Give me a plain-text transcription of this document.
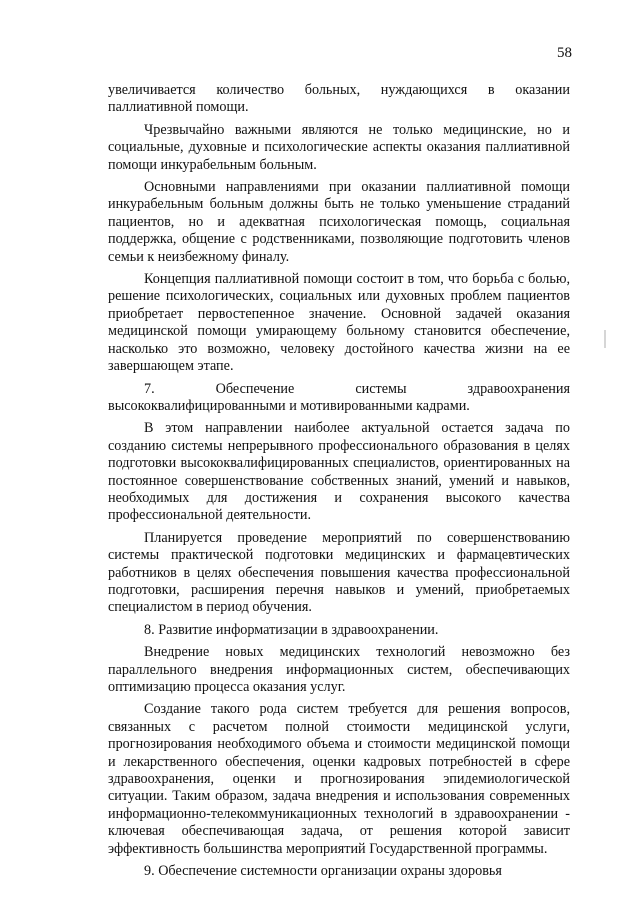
58

увеличивается количество больных, нуждающихся в оказании паллиативной помощи.

Чрезвычайно важными являются не только медицинские, но и социальные, духовные и психологические аспекты оказания паллиативной помощи инкурабельным больным.

Основными направлениями при оказании паллиативной помощи инкурабельным больным должны быть не только уменьшение страданий пациентов, но и адекватная психологическая помощь, социальная поддержка, общение с родственниками, позволяющие подготовить членов семьи к неизбежному финалу.

Концепция паллиативной помощи состоит в том, что борьба с болью, решение психологических, социальных или духовных проблем пациентов приобретает первостепенное значение. Основной задачей оказания медицинской помощи умирающему больному становится обеспечение, насколько это возможно, человеку достойного качества жизни на ее завершающем этапе.

7. Обеспечение системы здравоохранения высококвалифицированными и мотивированными кадрами.

В этом направлении наиболее актуальной остается задача по созданию системы непрерывного профессионального образования в целях подготовки высококвалифицированных специалистов, ориентированных на постоянное совершенствование собственных знаний, умений и навыков, необходимых для достижения и сохранения высокого качества профессиональной деятельности.

Планируется проведение мероприятий по совершенствованию системы практической подготовки медицинских и фармацевтических работников в целях обеспечения повышения качества профессиональной подготовки, расширения перечня навыков и умений, приобретаемых специалистом в период обучения.

8. Развитие информатизации в здравоохранении.

Внедрение новых медицинских технологий невозможно без параллельного внедрения информационных систем, обеспечивающих оптимизацию процесса оказания услуг.

Создание такого рода систем требуется для решения вопросов, связанных с расчетом полной стоимости медицинской услуги, прогнозирования необходимого объема и стоимости медицинской помощи и лекарственного обеспечения, оценки кадровых потребностей в сфере здравоохранения, оценки и прогнозирования эпидемиологической ситуации. Таким образом, задача внедрения и использования современных информационно-телекоммуникационных технологий в здравоохранении - ключевая обеспечивающая задача, от решения которой зависит эффективность большинства мероприятий Государственной программы.

9. Обеспечение системности организации охраны здоровья
